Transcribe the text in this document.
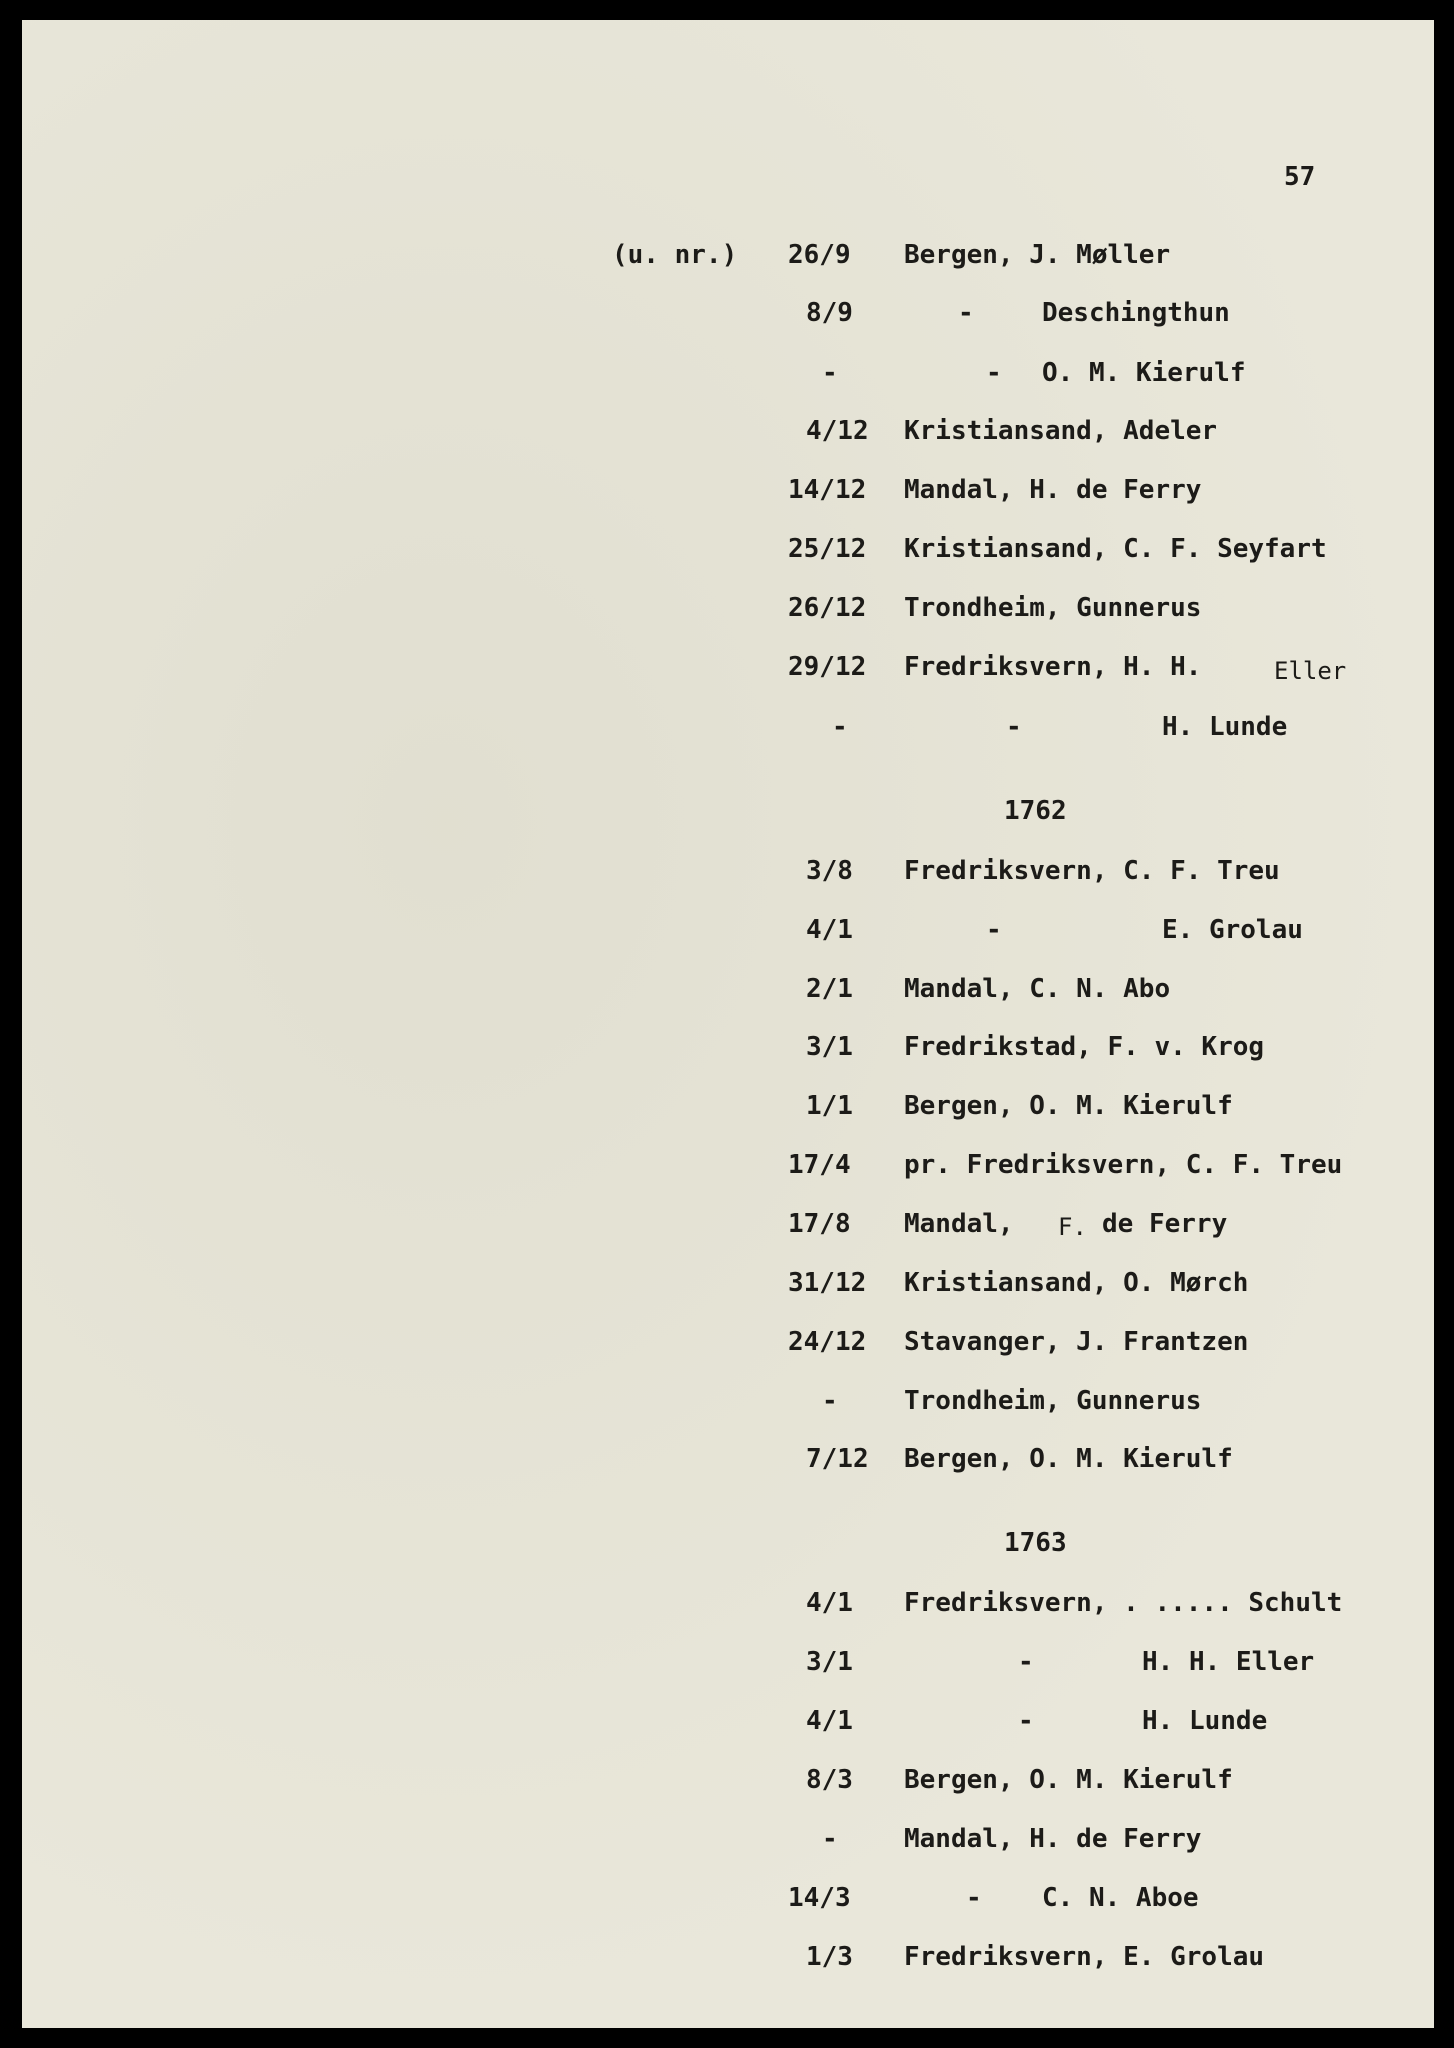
57
(u. nr.) 26/9 Bergen, J. Møller
8/9	-	Deschingthun
-	- O. M. Kierulf
4/12 Kristiansand, Adeler
14/12 Mandal, H. de Ferry
25/12 Kristiansand, C. F. Seyfart
26/12 Trondheim, Gunnerus
29/12 Fredriksvern, H. H.	Eller
-	-	H. Lunde
1762
3/8 Fredriksvern, C. F. Treu
4/1	-	E. Grolau
2/1 Mandal, C. N. Abo
3/1 Fredrikstad, F. v. Krog
1/1 Bergen, O. M. Kierulf
17/4 pr. Fredriksvern, C. F. Treu
17/8 Mandal, F. de Ferry
31/12 Kristiansand, O. Mørch
24/12 Stavanger, J. Frantzen
-	Trondheim, Gunnerus
7/12 Bergen, O. M. Kierulf
1763
4/1 Fredriksvern, . ..... Schult
3/1	-	H. H. Eller
4/1	-	H. Lunde
8/3 Bergen, O. M. Kierulf
-	Mandal, H. de Ferry
14/3	- C. N. Aboe
1/3 Fredriksvern, E. Grolau
